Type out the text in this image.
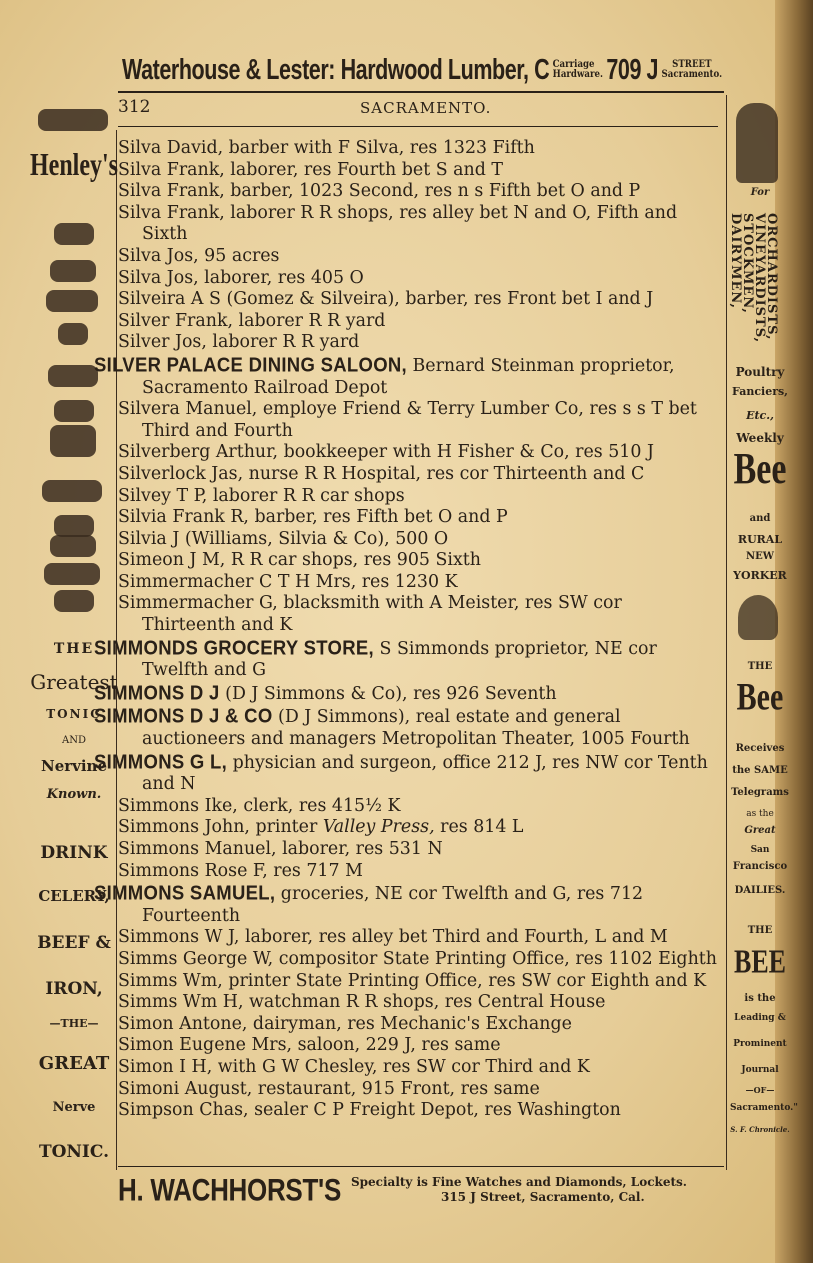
Waterhouse & Lester: Hardwood Lumber, C Carriage
Hardware. 709 J	STREET
Sacramento.
312	SACRAMENTO.
Henley's
THE
Greatest
TONIC
AND
Nervine
Known.
DRINK
CELERY,
BEEF &
IRON,
—THE—
GREAT
Nerve
TONIC.
Silva David, barber with F Silva, res 1323 Fifth
Silva Frank, laborer, res Fourth bet S and T
Silva Frank, barber, 1023 Second, res n s Fifth bet O and P
Silva Frank, laborer R R shops, res alley bet N and O, Fifth and Sixth
Silva Jos, 95 acres
Silva Jos, laborer, res 405 O
Silveira A S (Gomez & Silveira), barber, res Front bet I and J
Silver Frank, laborer R R yard
Silver Jos, laborer R R yard
SILVER PALACE DINING SALOON, Bernard Steinman proprietor, Sacramento Railroad Depot
Silvera Manuel, employe Friend & Terry Lumber Co, res s s T bet Third and Fourth
Silverberg Arthur, bookkeeper with H Fisher & Co, res 510 J
Silverlock Jas, nurse R R Hospital, res cor Thirteenth and C
Silvey T P, laborer R R car shops
Silvia Frank R, barber, res Fifth bet O and P
Silvia J (Williams, Silvia & Co), 500 O
Simeon J M, R R car shops, res 905 Sixth
Simmermacher C T H Mrs, res 1230 K
Simmermacher G, blacksmith with A Meister, res SW cor Thirteenth and K
SIMMONDS GROCERY STORE, S Simmonds proprietor, NE cor Twelfth and G
SIMMONS D J (D J Simmons & Co), res 926 Seventh
SIMMONS D J & CO (D J Simmons), real estate and general auctioneers and managers Metropolitan Theater, 1005 Fourth
SIMMONS G L, physician and surgeon, office 212 J, res NW cor Tenth and N
Simmons Ike, clerk, res 415½ K
Simmons John, printer Valley Press, res 814 L
Simmons Manuel, laborer, res 531 N
Simmons Rose F, res 717 M
SIMMONS SAMUEL, groceries, NE cor Twelfth and G, res 712 Fourteenth
Simmons W J, laborer, res alley bet Third and Fourth, L and M
Simms George W, compositor State Printing Office, res 1102 Eighth
Simms Wm, printer State Printing Office, res SW cor Eighth and K
Simms Wm H, watchman R R shops, res Central House
Simon Antone, dairyman, res Mechanic's Exchange
Simon Eugene Mrs, saloon, 229 J, res same
Simon I H, with G W Chesley, res SW cor Third and K
Simoni August, restaurant, 915 Front, res same
Simpson Chas, sealer C P Freight Depot, res Washington
For
ORCHARDISTS,
VINEYARDISTS,
STOCKMEN,
DAIRYMEN,
Poultry
Fanciers,
Etc.,
Weekly
Bee
and
RURAL
NEW
YORKER
THE
Bee
Receives
the SAME
Telegrams
as the
Great
San
Francisco
DAILIES.
THE
BEE
is the
Leading &
Prominent
Journal
—OF—
Sacramento."
S. F. Chronicle.
H. WACHHORST'S Specialty is Fine Watches and Diamonds, Lockets.
315 J Street, Sacramento, Cal.
